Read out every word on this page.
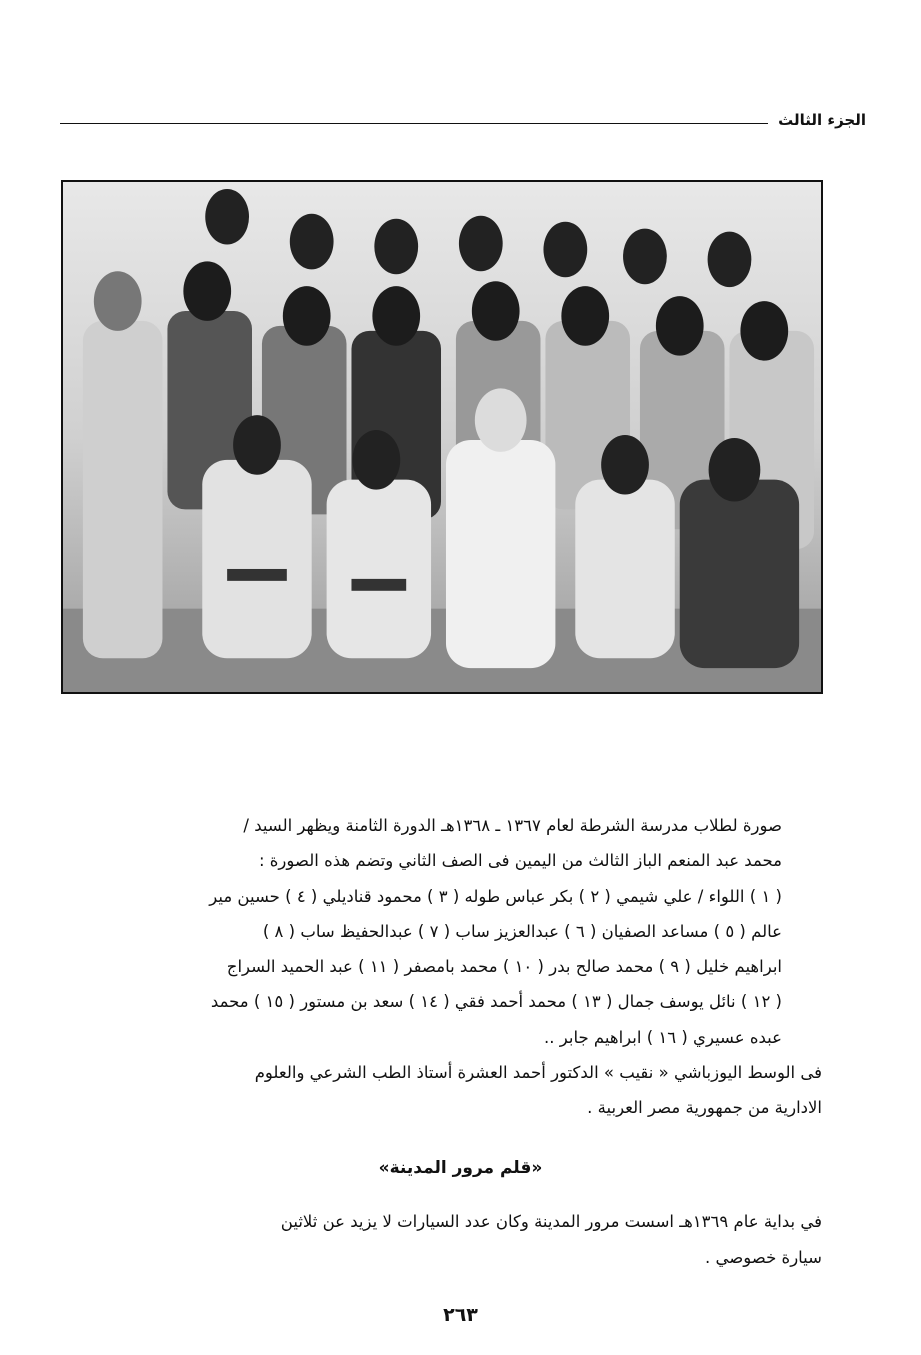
الجزء الثالث

صورة لطلاب مدرسة الشرطة لعام ١٣٦٧ ـ ١٣٦٨هـ الدورة الثامنة ويظهر السيد /
محمد عبد المنعم الباز الثالث من اليمين فى الصف الثاني وتضم هذه الصورة :
( ١ ) اللواء / علي شيمي ( ٢ ) بكر عباس طوله ( ٣ ) محمود قناديلي ( ٤ ) حسين مير
عالم ( ٥ ) مساعد الصفيان ( ٦ ) عبدالعزيز ساب ( ٧ ) عبدالحفيظ ساب ( ٨ )
ابراهيم خليل ( ٩ ) محمد صالح بدر ( ١٠ ) محمد بامصفر ( ١١ ) عبد الحميد السراج
( ١٢ ) نائل يوسف جمال ( ١٣ ) محمد أحمد فقي ( ١٤ ) سعد بن مستور ( ١٥ ) محمد
عبده عسيري ( ١٦ ) ابراهيم جابر ..

فى الوسط اليوزباشي « نقيب » الدكتور أحمد العشرة أستاذ الطب الشرعي والعلوم
الادارية من جمهورية مصر العربية .

«قلم مرور المدينة»
في بداية عام ١٣٦٩هـ اسست مرور المدينة وكان عدد السيارات لا يزيد عن ثلاثين
سيارة خصوصي .
٢٦٣
